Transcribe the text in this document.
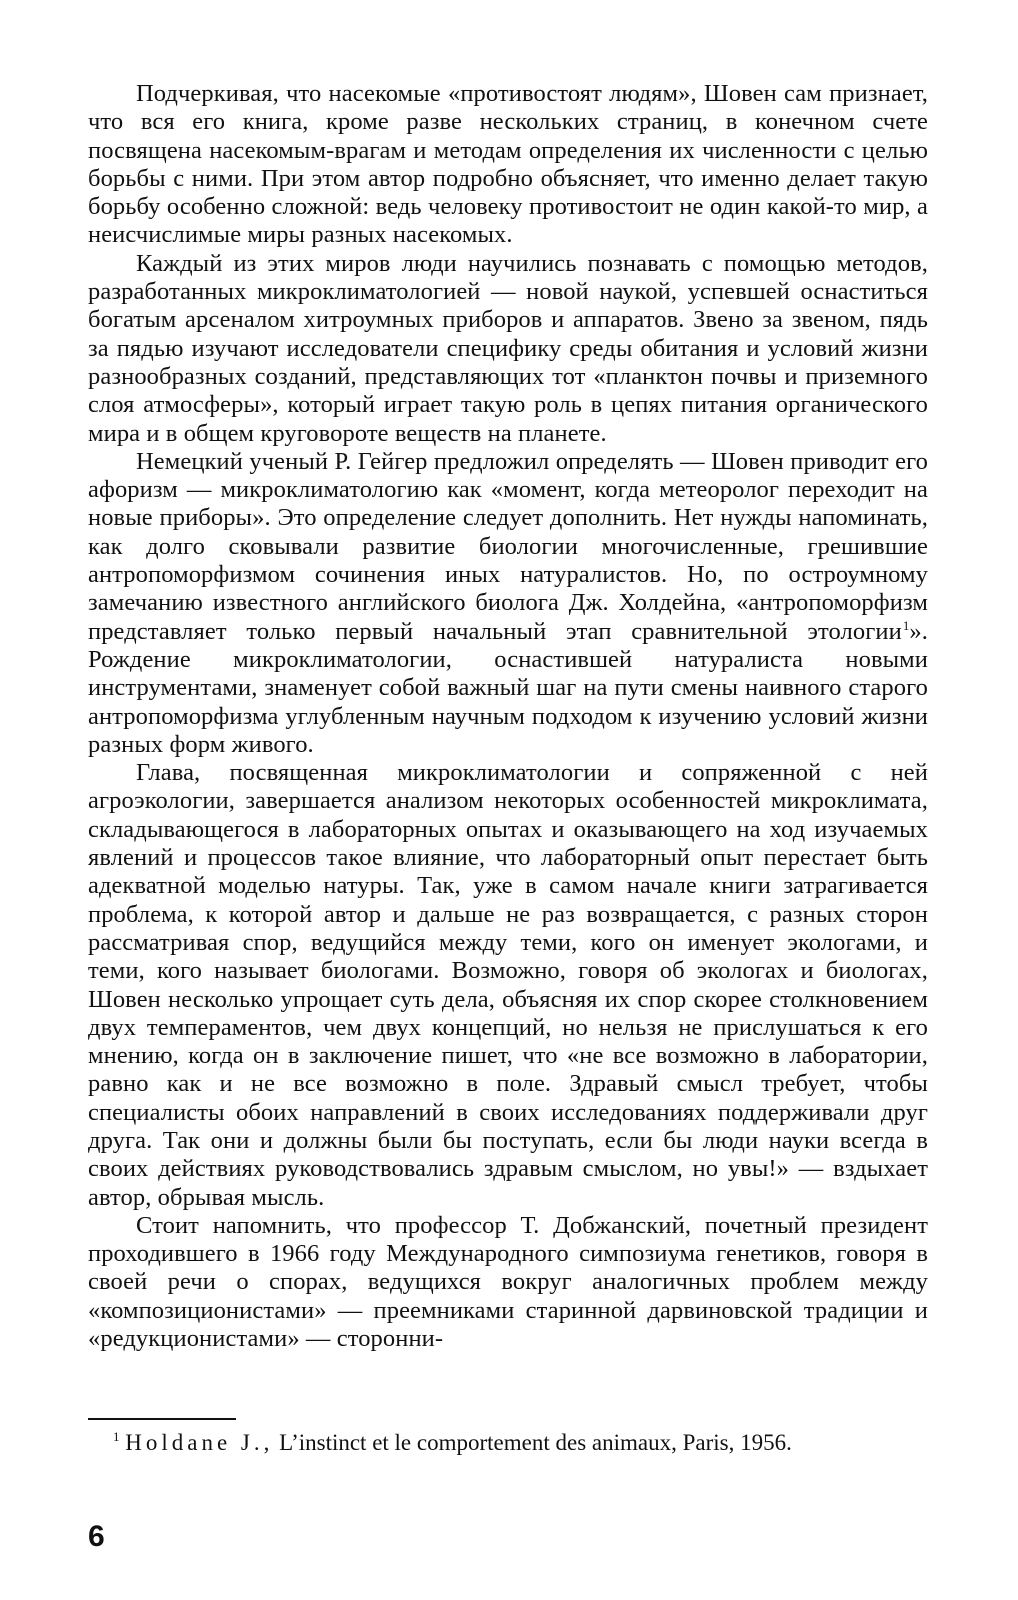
Подчеркивая, что насекомые «противостоят людям», Шовен сам признает, что вся его книга, кроме разве нескольких страниц, в конечном счете посвящена насекомым-врагам и методам определения их численности с целью борьбы с ними. При этом автор подробно объясняет, что именно делает такую борьбу особенно сложной: ведь человеку противостоит не один какой-то мир, а неисчислимые миры разных насекомых.

Каждый из этих миров люди научились познавать с помощью методов, разработанных микроклиматологией — новой наукой, успевшей оснаститься богатым арсеналом хитроумных приборов и аппаратов. Звено за звеном, пядь за пядью изучают исследователи специфику среды обитания и условий жизни разнообразных созданий, представляющих тот «планктон почвы и приземного слоя атмосферы», который играет такую роль в цепях питания органического мира и в общем круговороте веществ на планете.

Немецкий ученый Р. Гейгер предложил определять — Шовен приводит его афоризм — микроклиматологию как «момент, когда метеоролог переходит на новые приборы». Это определение следует дополнить. Нет нужды напоминать, как долго сковывали развитие биологии многочисленные, грешившие антропоморфизмом сочинения иных натуралистов. Но, по остроумному замечанию известного английского биолога Дж. Холдейна, «антропоморфизм представляет только первый начальный этап сравнительной этологии$^1$». Рождение микроклиматологии, оснастившей натуралиста новыми инструментами, знаменует собой важный шаг на пути смены наивного старого антропоморфизма углубленным научным подходом к изучению условий жизни разных форм живого.

Глава, посвященная микроклиматологии и сопряженной с ней агроэкологии, завершается анализом некоторых особенностей микроклимата, складывающегося в лабораторных опытах и оказывающего на ход изучаемых явлений и процессов такое влияние, что лабораторный опыт перестает быть адекватной моделью натуры. Так, уже в самом начале книги затрагивается проблема, к которой автор и дальше не раз возвращается, с разных сторон рассматривая спор, ведущийся между теми, кого он именует экологами, и теми, кого называет биологами. Возможно, говоря об экологах и биологах, Шовен несколько упрощает суть дела, объясняя их спор скорее столкновением двух темпераментов, чем двух концепций, но нельзя не прислушаться к его мнению, когда он в заключение пишет, что «не все возможно в лаборатории, равно как и не все возможно в поле. Здравый смысл требует, чтобы специалисты обоих направлений в своих исследованиях поддерживали друг друга. Так они и должны были бы поступать, если бы люди науки всегда в своих действиях руководствовались здравым смыслом, но увы!» — вздыхает автор, обрывая мысль.

Стоит напомнить, что профессор Т. Добжанский, почетный президент проходившего в 1966 году Международного симпозиума генетиков, говоря в своей речи о спорах, ведущихся вокруг аналогичных проблем между «композиционистами» — преемниками старинной дарвиновской традиции и «редукционистами» — сторонни-

$^1$ Holdane J., L’instinct et le comportement des animaux, Paris, 1956.

6
